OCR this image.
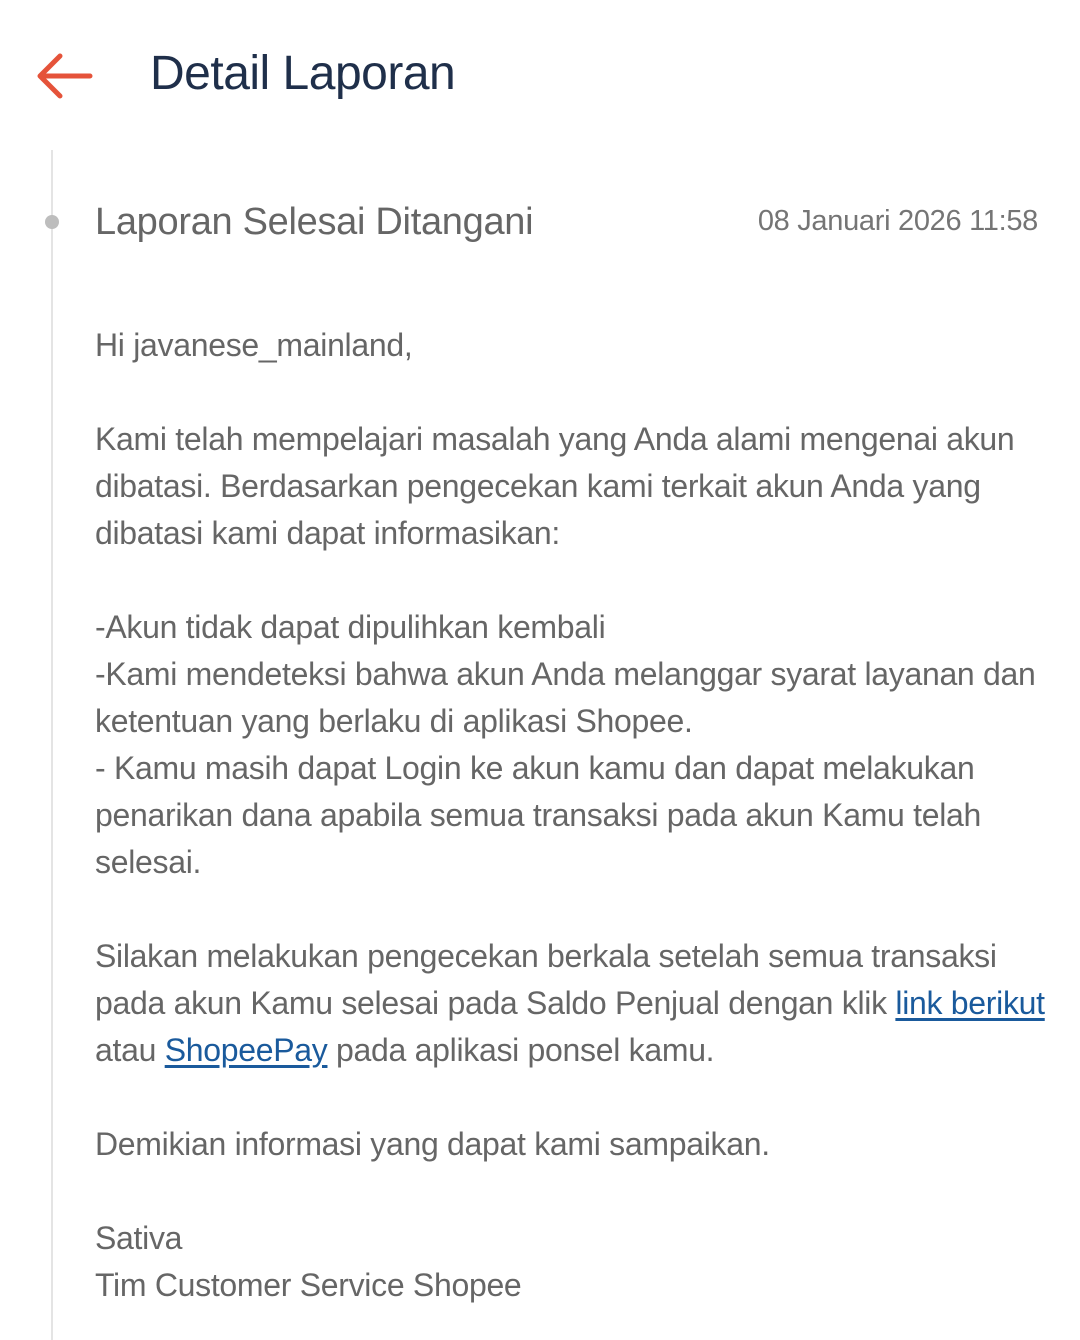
Detail Laporan
Laporan Selesai Ditangani	08 Januari 2026 11:58

Hi javanese_mainland,

Kami telah mempelajari masalah yang Anda alami mengenai akun dibatasi. Berdasarkan pengecekan kami terkait akun Anda yang dibatasi kami dapat informasikan:

-Akun tidak dapat dipulihkan kembali

-Kami mendeteksi bahwa akun Anda melanggar syarat layanan dan ketentuan yang berlaku di aplikasi Shopee.

- Kamu masih dapat Login ke akun kamu dan dapat melakukan penarikan dana apabila semua transaksi pada akun Kamu telah selesai.

Silakan melakukan pengecekan berkala setelah semua transaksi pada akun Kamu selesai pada Saldo Penjual dengan klik link berikut atau ShopeePay pada aplikasi ponsel kamu.

Demikian informasi yang dapat kami sampaikan.

Sativa

Tim Customer Service Shopee
